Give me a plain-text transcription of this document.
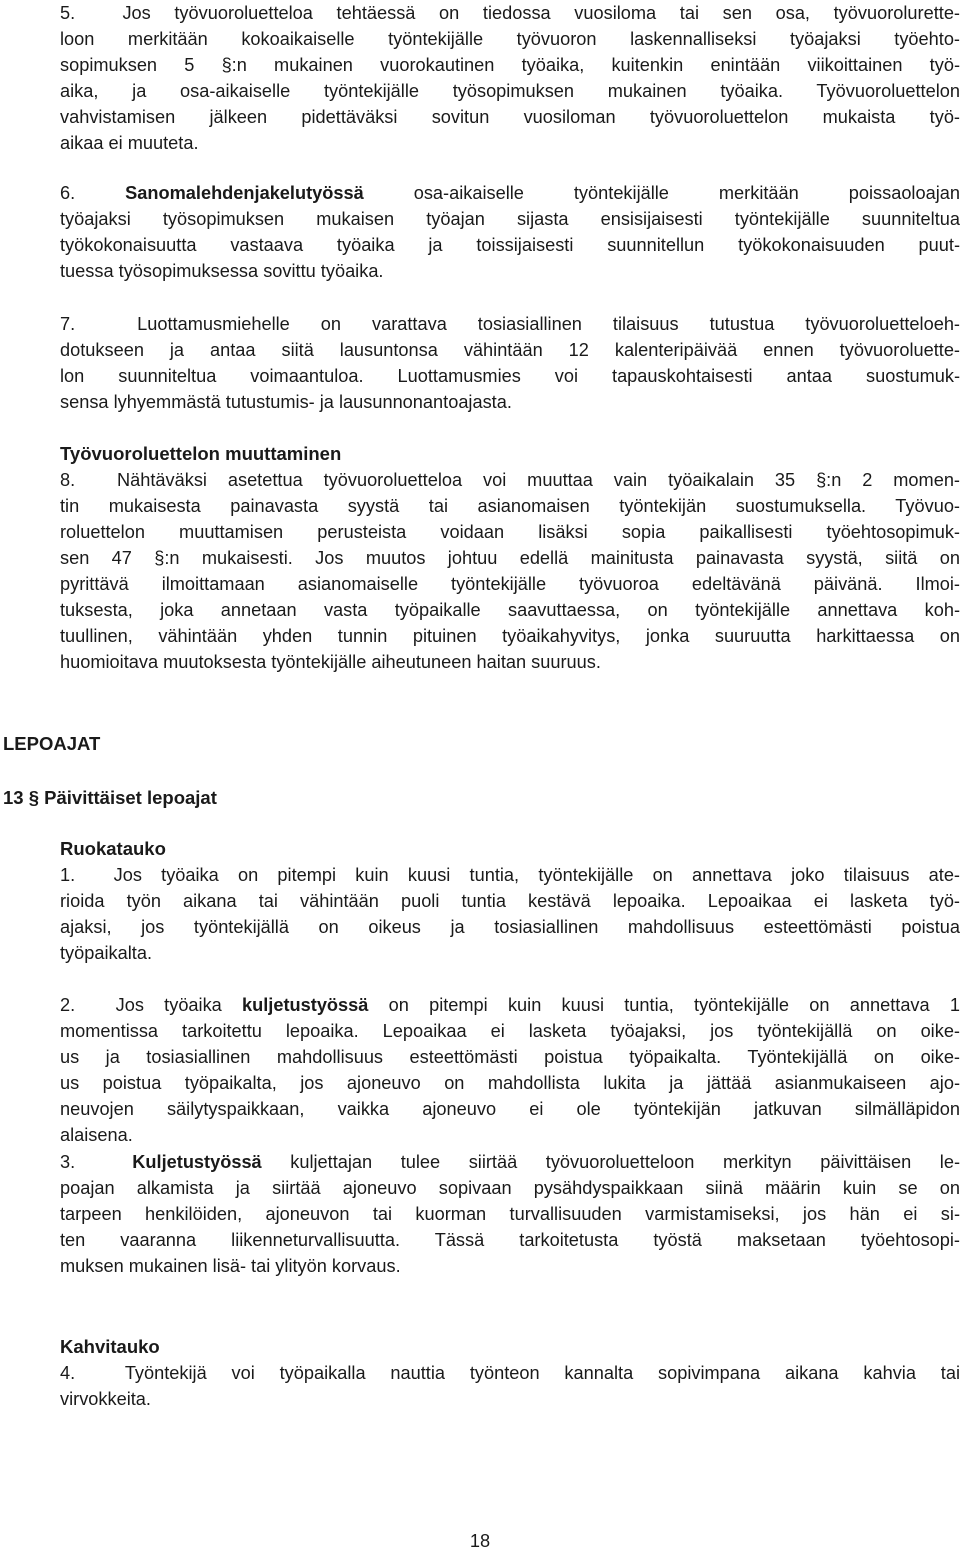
5.  Jos työvuoroluetteloa tehtäessä on tiedossa vuosiloma tai sen osa, työvuorolurette-
loon merkitään kokoaikaiselle työntekijälle työvuoron laskennalliseksi työajaksi työehto-
sopimuksen 5 §:n mukainen vuorokautinen työaika, kuitenkin enintään viikoittainen työ-
aika, ja osa-aikaiselle työntekijälle työsopimuksen mukainen työaika. Työvuoroluettelon
vahvistamisen jälkeen pidettäväksi sovitun vuosiloman työvuoroluettelon mukaista työ-
aikaa ei muuteta.
6. Sanomalehdenjakelutyössä osa-aikaiselle työntekijälle merkitään poissaoloajan
työajaksi työsopimuksen mukaisen työajan sijasta ensisijaisesti työntekijälle suunniteltua
työkokonaisuutta vastaava työaika ja toissijaisesti suunnitellun työkokonaisuuden puut-
tuessa työsopimuksessa sovittu työaika.
7.  Luottamusmiehelle on varattava tosiasiallinen tilaisuus tutustua työvuoroluetteloeh-
dotukseen ja antaa siitä lausuntonsa vähintään 12 kalenteripäivää ennen työvuoroluette-
lon suunniteltua voimaantuloa. Luottamusmies voi tapauskohtaisesti antaa suostumuk-
sensa lyhyemmästä tutustumis- ja lausunnonantoajasta.
Työvuoroluettelon muuttaminen
8.  Nähtäväksi asetettua työvuoroluetteloa voi muuttaa vain työaikalain 35 §:n 2 momen-
tin mukaisesta painavasta syystä tai asianomaisen työntekijän suostumuksella. Työvuo-
roluettelon muuttamisen perusteista voidaan lisäksi sopia paikallisesti työehtosopimuk-
sen 47 §:n mukaisesti. Jos muutos johtuu edellä mainitusta painavasta syystä, siitä on
pyrittävä ilmoittamaan asianomaiselle työntekijälle työvuoroa edeltävänä päivänä. Ilmoi-
tuksesta, joka annetaan vasta työpaikalle saavuttaessa, on työntekijälle annettava koh-
tuullinen, vähintään yhden tunnin pituinen työaikahyvitys, jonka suuruutta harkittaessa on
huomioitava muutoksesta työntekijälle aiheutuneen haitan suuruus.
LEPOAJAT
13 § Päivittäiset lepoajat
Ruokatauko
1.  Jos työaika on pitempi kuin kuusi tuntia, työntekijälle on annettava joko tilaisuus ate-
rioida työn aikana tai vähintään puoli tuntia kestävä lepoaika. Lepoaikaa ei lasketa työ-
ajaksi, jos työntekijällä on oikeus ja tosiasiallinen mahdollisuus esteettömästi poistua
työpaikalta.
2.  Jos työaika kuljetustyössä on pitempi kuin kuusi tuntia, työntekijälle on annettava 1
momentissa tarkoitettu lepoaika. Lepoaikaa ei lasketa työajaksi, jos työntekijällä on oike-
us ja tosiasiallinen mahdollisuus esteettömästi poistua työpaikalta. Työntekijällä on oike-
us poistua työpaikalta, jos ajoneuvo on mahdollista lukita ja jättää asianmukaiseen ajo-
neuvojen säilytyspaikkaan, vaikka ajoneuvo ei ole työntekijän jatkuvan silmälläpidon
alaisena.
3.  Kuljetustyössä kuljettajan tulee siirtää työvuoroluetteloon merkityn päivittäisen le-
poajan alkamista ja siirtää ajoneuvo sopivaan pysähdyspaikkaan siinä määrin kuin se on
tarpeen henkilöiden, ajoneuvon tai kuorman turvallisuuden varmistamiseksi, jos hän ei si-
ten vaaranna liikenneturvallisuutta. Tässä tarkoitetusta työstä maksetaan työehtosopi-
muksen mukainen lisä- tai ylityön korvaus.
Kahvitauko
4.  Työntekijä voi työpaikalla nauttia työnteon kannalta sopivimpana aikana kahvia tai
virvokkeita.
18
